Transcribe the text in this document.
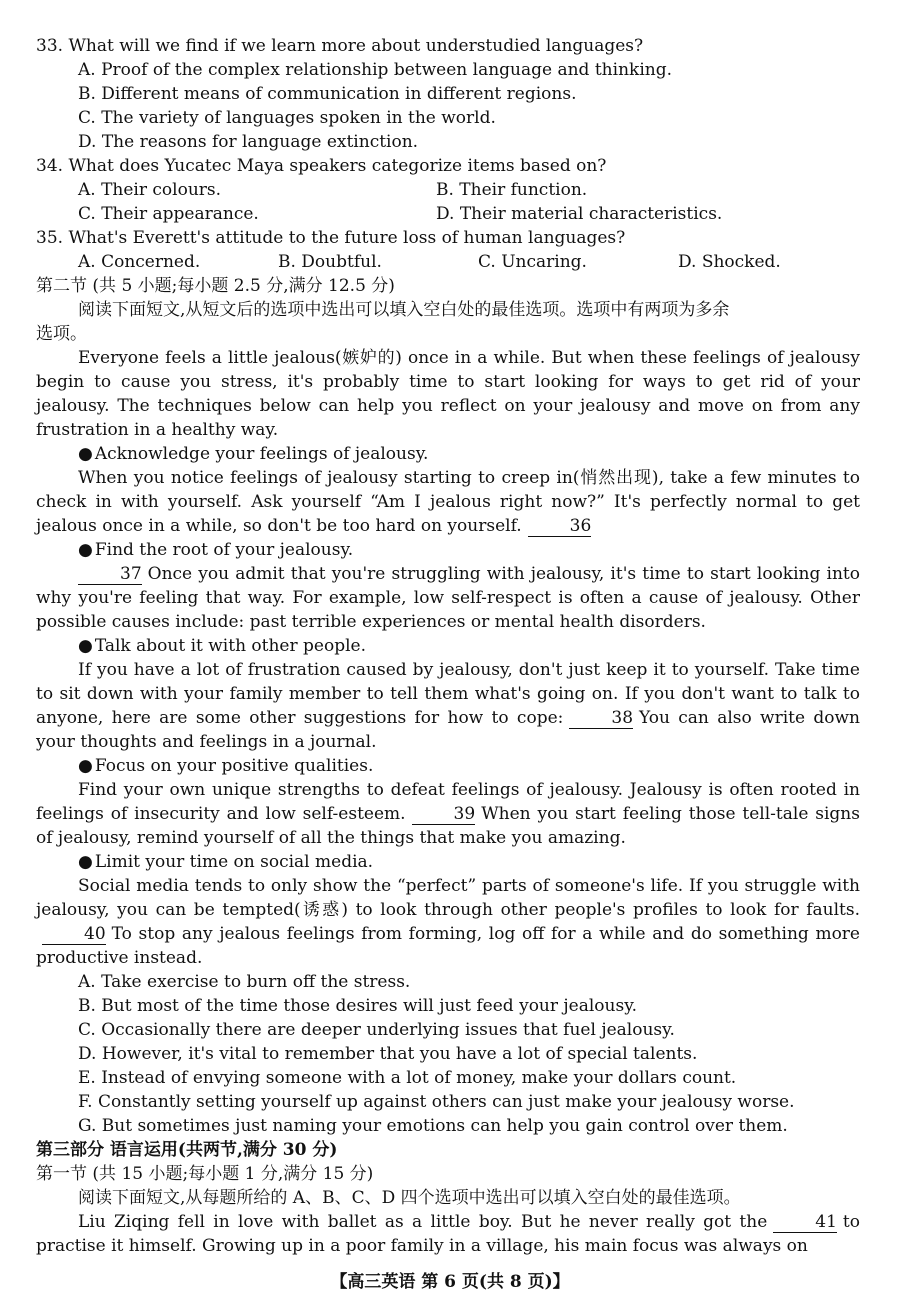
33. What will we find if we learn more about understudied languages?
A. Proof of the complex relationship between language and thinking.
B. Different means of communication in different regions.
C. The variety of languages spoken in the world.
D. The reasons for language extinction.
34. What does Yucatec Maya speakers categorize items based on?
A. Their colours.	B. Their function.
C. Their appearance.	D. Their material characteristics.
35. What's Everett's attitude to the future loss of human languages?
A. Concerned.	B. Doubtful.	C. Uncaring.	D. Shocked.
第二节 (共 5 小题;每小题 2.5 分,满分 12.5 分)
阅读下面短文,从短文后的选项中选出可以填入空白处的最佳选项。选项中有两项为多余
选项。
Everyone feels a little jealous(嫉妒的) once in a while. But when these feelings of jealousy begin to cause you stress, it's probably time to start looking for ways to get rid of your jealousy. The techniques below can help you reflect on your jealousy and move on from any frustration in a healthy way.
● Acknowledge your feelings of jealousy.
When you notice feelings of jealousy starting to creep in(悄然出现), take a few minutes to check in with yourself. Ask yourself “Am I jealous right now?” It's perfectly normal to get jealous once in a while, so don't be too hard on yourself.	36
● Find the root of your jealousy.
37 Once you admit that you're struggling with jealousy, it's time to start looking into why you're feeling that way. For example, low self-respect is often a cause of jealousy. Other possible causes include: past terrible experiences or mental health disorders.
● Talk about it with other people.
If you have a lot of frustration caused by jealousy, don't just keep it to yourself. Take time to sit down with your family member to tell them what's going on. If you don't want to talk to anyone, here are some other suggestions for how to cope:	38 You can also write down your thoughts and feelings in a journal.
● Focus on your positive qualities.
Find your own unique strengths to defeat feelings of jealousy. Jealousy is often rooted in feelings of insecurity and low self-esteem.	39 When you start feeling those tell-tale signs of jealousy, remind yourself of all the things that make you amazing.
● Limit your time on social media.
Social media tends to only show the “perfect” parts of someone's life. If you struggle with jealousy, you can be tempted(诱惑) to look through other people's profiles to look for faults.40 To stop any jealous feelings from forming, log off for a while and do something more productive instead.
A. Take exercise to burn off the stress.
B. But most of the time those desires will just feed your jealousy.
C. Occasionally there are deeper underlying issues that fuel jealousy.
D. However, it's vital to remember that you have a lot of special talents.
E. Instead of envying someone with a lot of money, make your dollars count.
F. Constantly setting yourself up against others can just make your jealousy worse.
G. But sometimes just naming your emotions can help you gain control over them.
第三部分 语言运用(共两节,满分 30 分)
第一节 (共 15 小题;每小题 1 分,满分 15 分)
阅读下面短文,从每题所给的 A、B、C、D 四个选项中选出可以填入空白处的最佳选项。
Liu Ziqing fell in love with ballet as a little boy. But he never really got the	41 to practise it himself. Growing up in a poor family in a village, his main focus was always on
【高三英语 第 6 页(共 8 页)】
